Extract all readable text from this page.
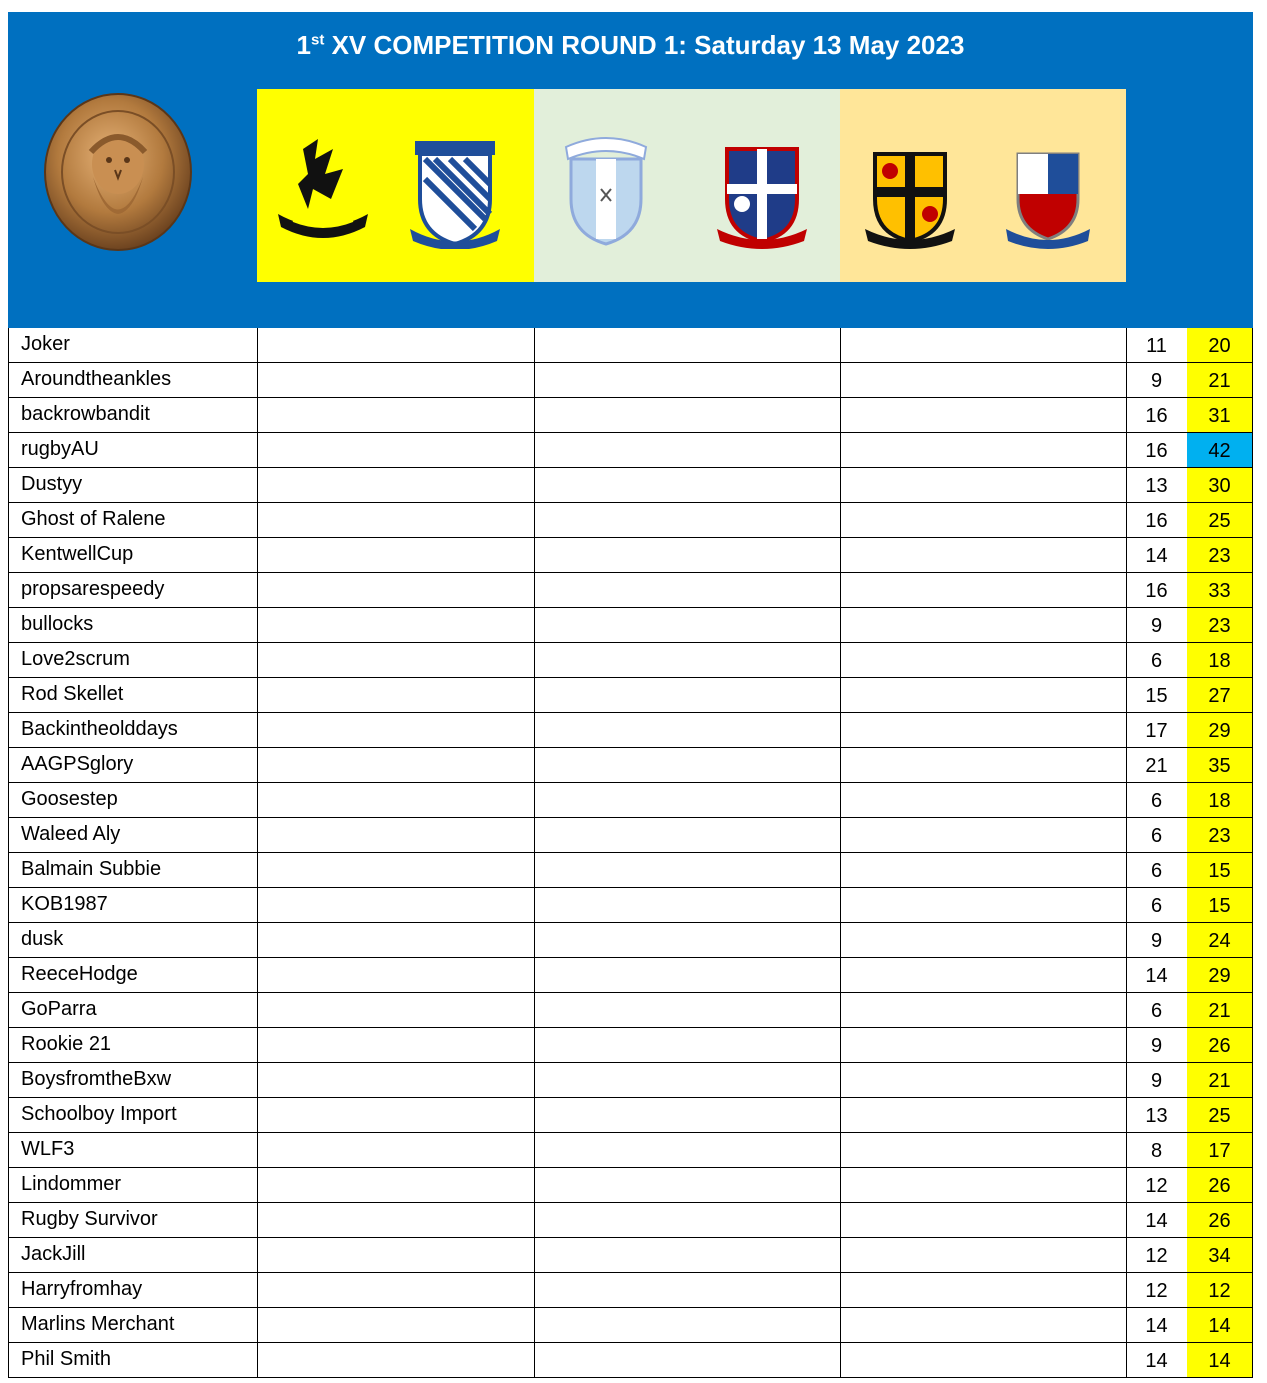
1st XV COMPETITION ROUND 1: Saturday 13 May 2023
Joker	11	20
Aroundtheankles	9	21
backrowbandit	16	31
rugbyAU	16	42
Dustyy	13	30
Ghost of Ralene	16	25
KentwellCup	14	23
propsarespeedy	16	33
bullocks	9	23
Love2scrum	6	18
Rod Skellet	15	27
Backintheolddays	17	29
AAGPSglory	21	35
Goosestep	6	18
Waleed Aly	6	23
Balmain Subbie	6	15
KOB1987	6	15
dusk	9	24
ReeceHodge	14	29
GoParra	6	21
Rookie 21	9	26
BoysfromtheBxw	9	21
Schoolboy Import	13	25
WLF3	8	17
Lindommer	12	26
Rugby Survivor	14	26
JackJill	12	34
Harryfromhay	12	12
Marlins Merchant	14	14
Phil Smith	14	14
